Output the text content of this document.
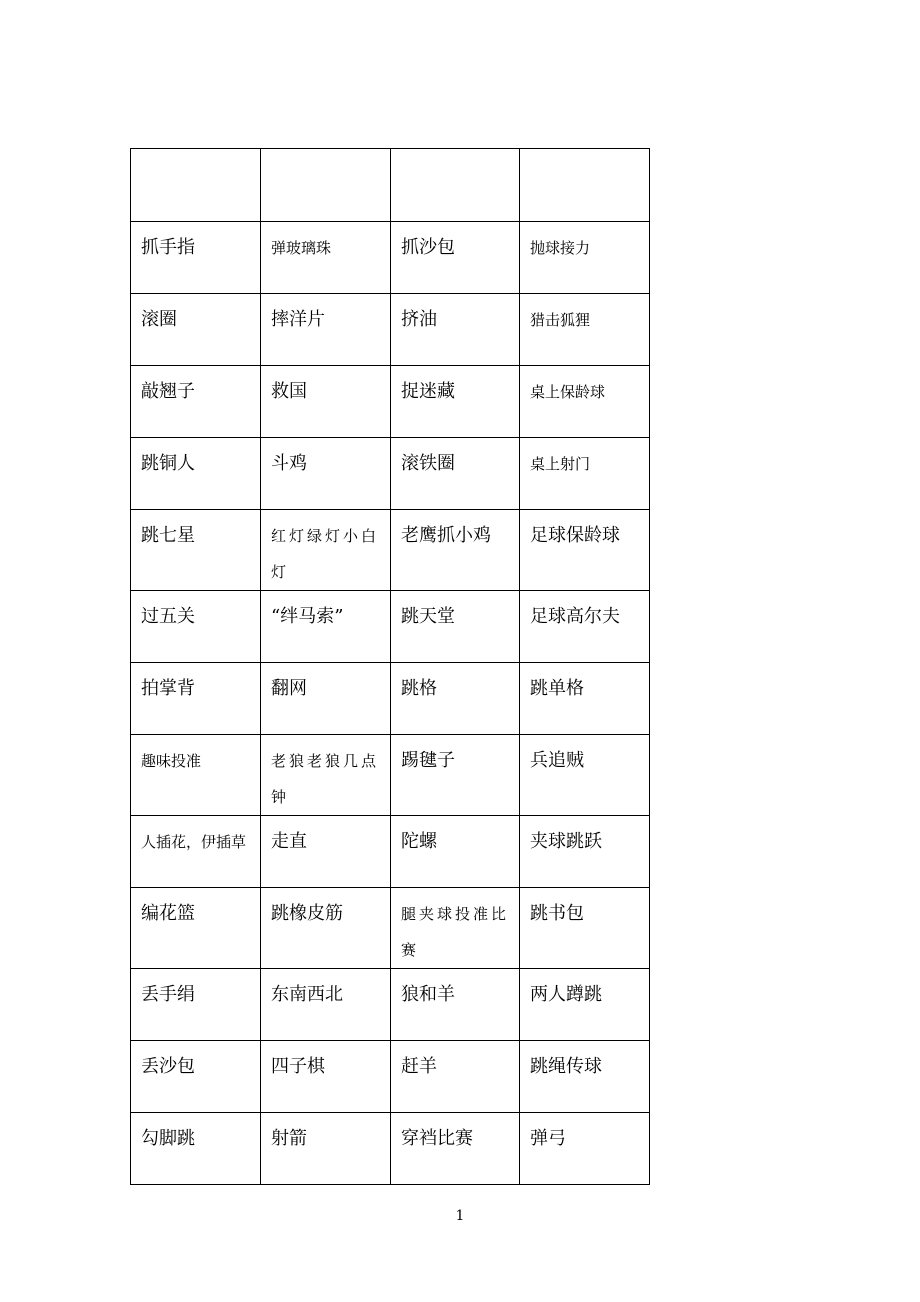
抓手指	弹玻璃珠	抓沙包	抛球接力
滚圈	摔洋片	挤油	猎击狐狸
敲翘子	救国	捉迷藏	桌上保龄球
跳铜人	斗鸡	滚铁圈	桌上射门
跳七星	红灯绿灯小白灯	老鹰抓小鸡	足球保龄球
过五关	“绊马索”	跳天堂	足球高尔夫
拍掌背	翻网	跳格	跳单格
趣味投准	老狼老狼几点钟	踢毽子	兵追贼
人插花，伊插草	走直	陀螺	夹球跳跃
编花篮	跳橡皮筋	腿夹球投准比赛	跳书包
丢手绢	东南西北	狼和羊	两人蹲跳
丢沙包	四子棋	赶羊	跳绳传球
勾脚跳	射箭	穿裆比赛	弹弓
1
